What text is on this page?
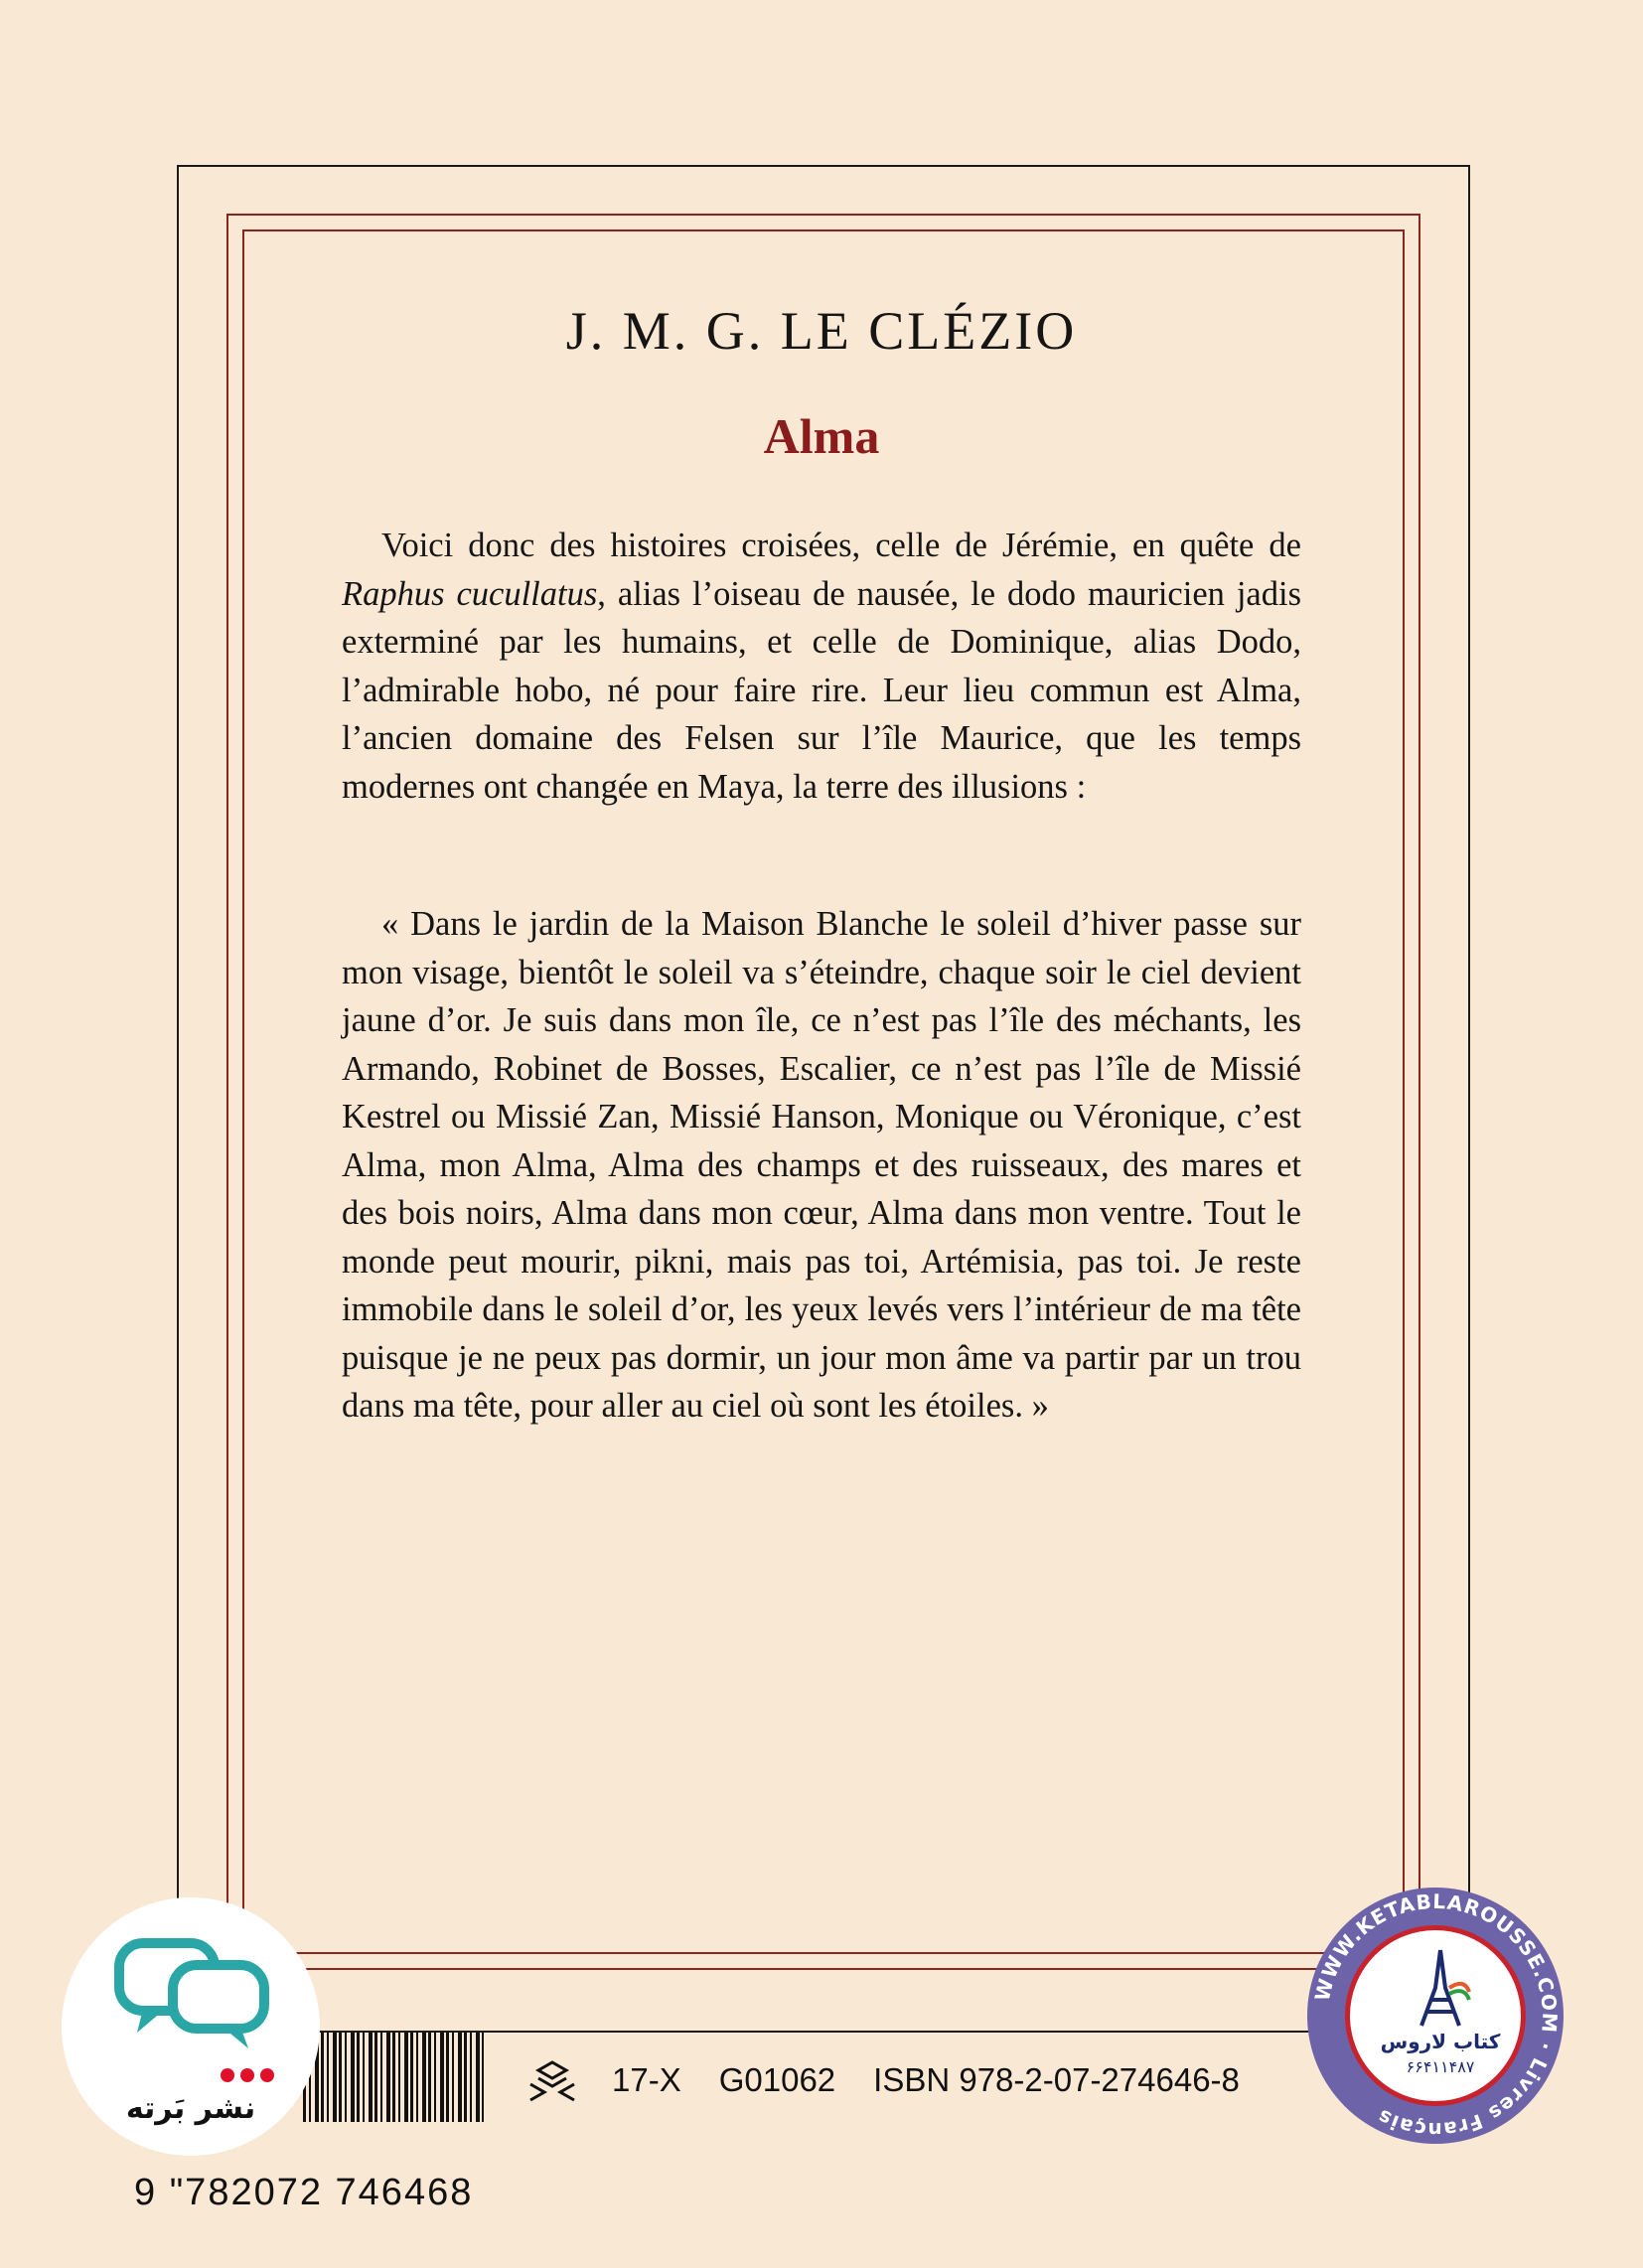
J. M. G. LE CLÉZIO
Alma

Voici donc des histoires croisées, celle de Jérémie, en quête de Raphus cucullatus, alias l’oiseau de nausée, le dodo mauricien jadis exterminé par les humains, et celle de Dominique, alias Dodo, l’admirable hobo, né pour faire rire. Leur lieu commun est Alma, l’ancien domaine des Felsen sur l’île Maurice, que les temps modernes ont changée en Maya, la terre des illusions :

« Dans le jardin de la Maison Blanche le soleil d’hiver passe sur mon visage, bientôt le soleil va s’éteindre, chaque soir le ciel devient jaune d’or. Je suis dans mon île, ce n’est pas l’île des méchants, les Armando, Robinet de Bosses, Escalier, ce n’est pas l’île de Missié Kestrel ou Missié Zan, Missié Hanson, Monique ou Véronique, c’est Alma, mon Alma, Alma des champs et des ruisseaux, des mares et des bois noirs, Alma dans mon cœur, Alma dans mon ventre. Tout le monde peut mourir, pikni, mais pas toi, Artémisia, pas toi. Je reste immobile dans le soleil d’or, les yeux levés vers l’intérieur de ma tête puisque je ne peux pas dormir, un jour mon âme va partir par un trou dans ma tête, pour aller au ciel où sont les étoiles. »

9 "782072 746468
17-X G01062 ISBN 978-2-07-274646-8
نشر بَرته
WWW.KETABLAROUSSE.COM · Livres Français
کتاب لاروس
۶۶۴۱۱۴۸۷
